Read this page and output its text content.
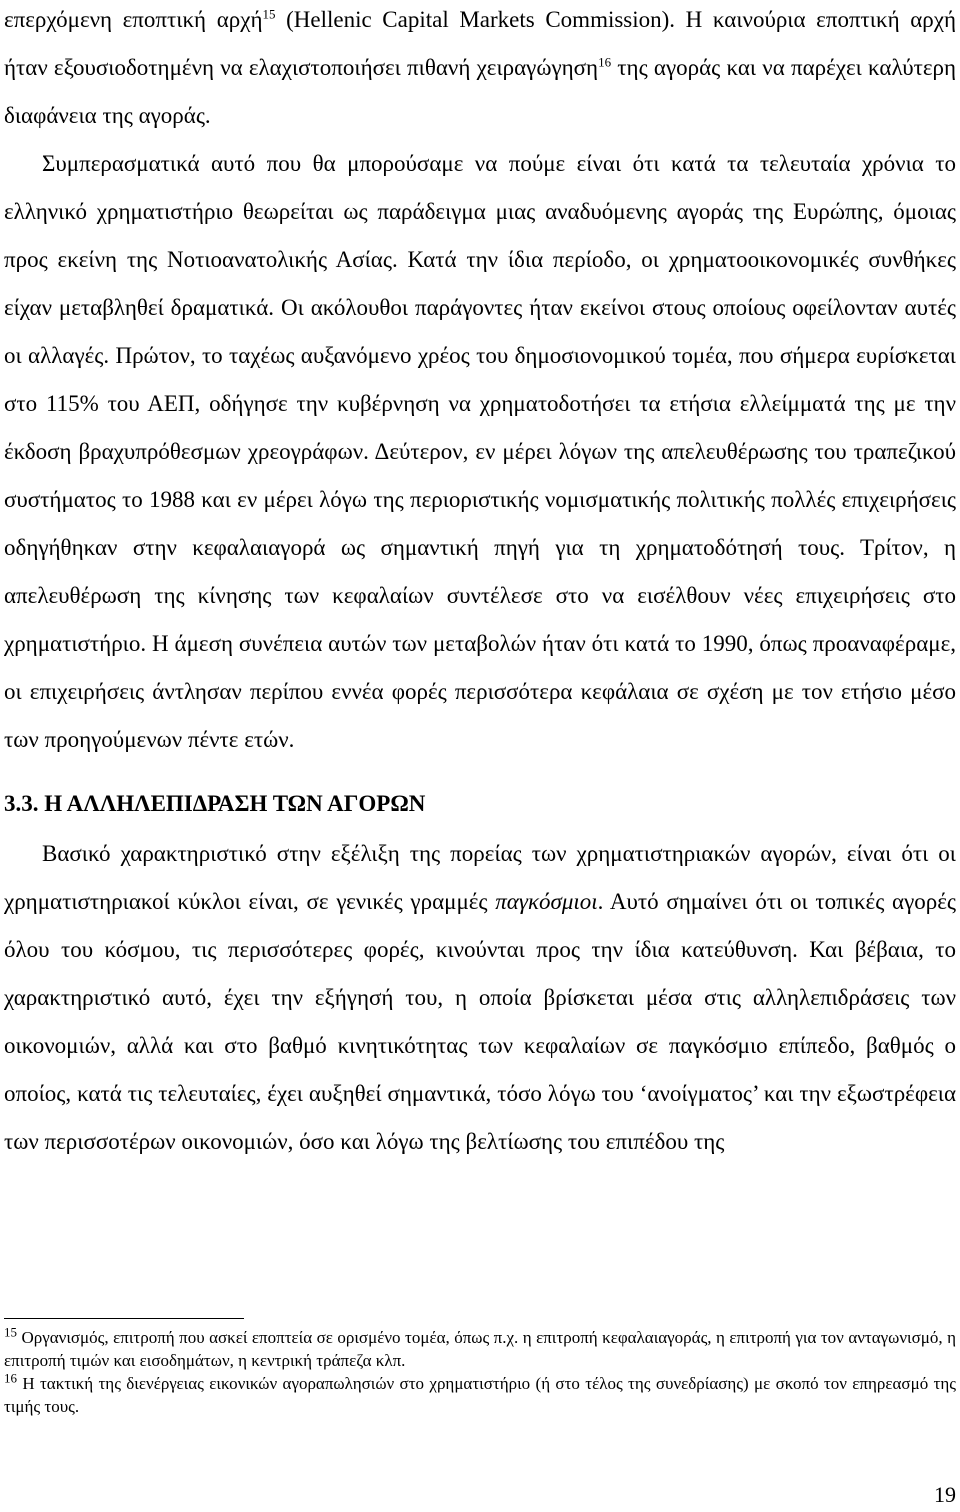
επερχόμενη εποπτική αρχή$^{15}$ (Hellenic Capital Markets Commission). Η καινούρια εποπτική αρχή ήταν εξουσιοδοτημένη να ελαχιστοποιήσει πιθανή χειραγώγηση$^{16}$ της αγοράς και να παρέχει καλύτερη διαφάνεια της αγοράς.

Συμπερασματικά αυτό που θα μπορούσαμε να πούμε είναι ότι κατά τα τελευταία χρόνια το ελληνικό χρηματιστήριο θεωρείται ως παράδειγμα μιας αναδυόμενης αγοράς της Ευρώπης, όμοιας προς εκείνη της Νοτιοανατολικής Ασίας. Κατά την ίδια περίοδο, οι χρηματοοικονομικές συνθήκες είχαν μεταβληθεί δραματικά. Οι ακόλουθοι παράγοντες ήταν εκείνοι στους οποίους οφείλονταν αυτές οι αλλαγές. Πρώτον, το ταχέως αυξανόμενο χρέος του δημοσιονομικού τομέα, που σήμερα ευρίσκεται στο 115% του ΑΕΠ, οδήγησε την κυβέρνηση να χρηματοδοτήσει τα ετήσια ελλείμματά της με την έκδοση βραχυπρόθεσμων χρεογράφων. Δεύτερον, εν μέρει λόγων της απελευθέρωσης του τραπεζικού συστήματος το 1988 και εν μέρει λόγω της περιοριστικής νομισματικής πολιτικής πολλές επιχειρήσεις οδηγήθηκαν στην κεφαλαιαγορά ως σημαντική πηγή για τη χρηματοδότησή τους. Τρίτον, η απελευθέρωση της κίνησης των κεφαλαίων συντέλεσε στο να εισέλθουν νέες επιχειρήσεις στο χρηματιστήριο. Η άμεση συνέπεια αυτών των μεταβολών ήταν ότι κατά το 1990, όπως προαναφέραμε, οι επιχειρήσεις άντλησαν περίπου εννέα φορές περισσότερα κεφάλαια σε σχέση με τον ετήσιο μέσο των προηγούμενων πέντε ετών.

3.3. Η ΑΛΛΗΛΕΠΙΔΡΑΣΗ ΤΩΝ ΑΓΟΡΩΝ

Βασικό χαρακτηριστικό στην εξέλιξη της πορείας των χρηματιστηριακών αγορών, είναι ότι οι χρηματιστηριακοί κύκλοι είναι, σε γενικές γραμμές παγκόσμιοι. Αυτό σημαίνει ότι οι τοπικές αγορές όλου του κόσμου, τις περισσότερες φορές, κινούνται προς την ίδια κατεύθυνση. Και βέβαια, το χαρακτηριστικό αυτό, έχει την εξήγησή του, η οποία βρίσκεται μέσα στις αλληλεπιδράσεις των οικονομιών, αλλά και στο βαθμό κινητικότητας των κεφαλαίων σε παγκόσμιο επίπεδο, βαθμός ο οποίος, κατά τις τελευταίες, έχει αυξηθεί σημαντικά, τόσο λόγω του ‘ανοίγματος’ και την εξωστρέφεια των περισσοτέρων οικονομιών, όσο και λόγω της βελτίωσης του επιπέδου της

$^{15}$ Οργανισμός, επιτροπή που ασκεί εποπτεία σε ορισμένο τομέα, όπως π.χ. η επιτροπή κεφαλαιαγοράς, η επιτροπή για τον ανταγωνισμό, η επιτροπή τιμών και εισοδημάτων, η κεντρική τράπεζα κλπ.

$^{16}$ Η τακτική της διενέργειας εικονικών αγοραπωλησιών στο χρηματιστήριο (ή στο τέλος της συνεδρίασης) με σκοπό τον επηρεασμό της τιμής τους.

19
